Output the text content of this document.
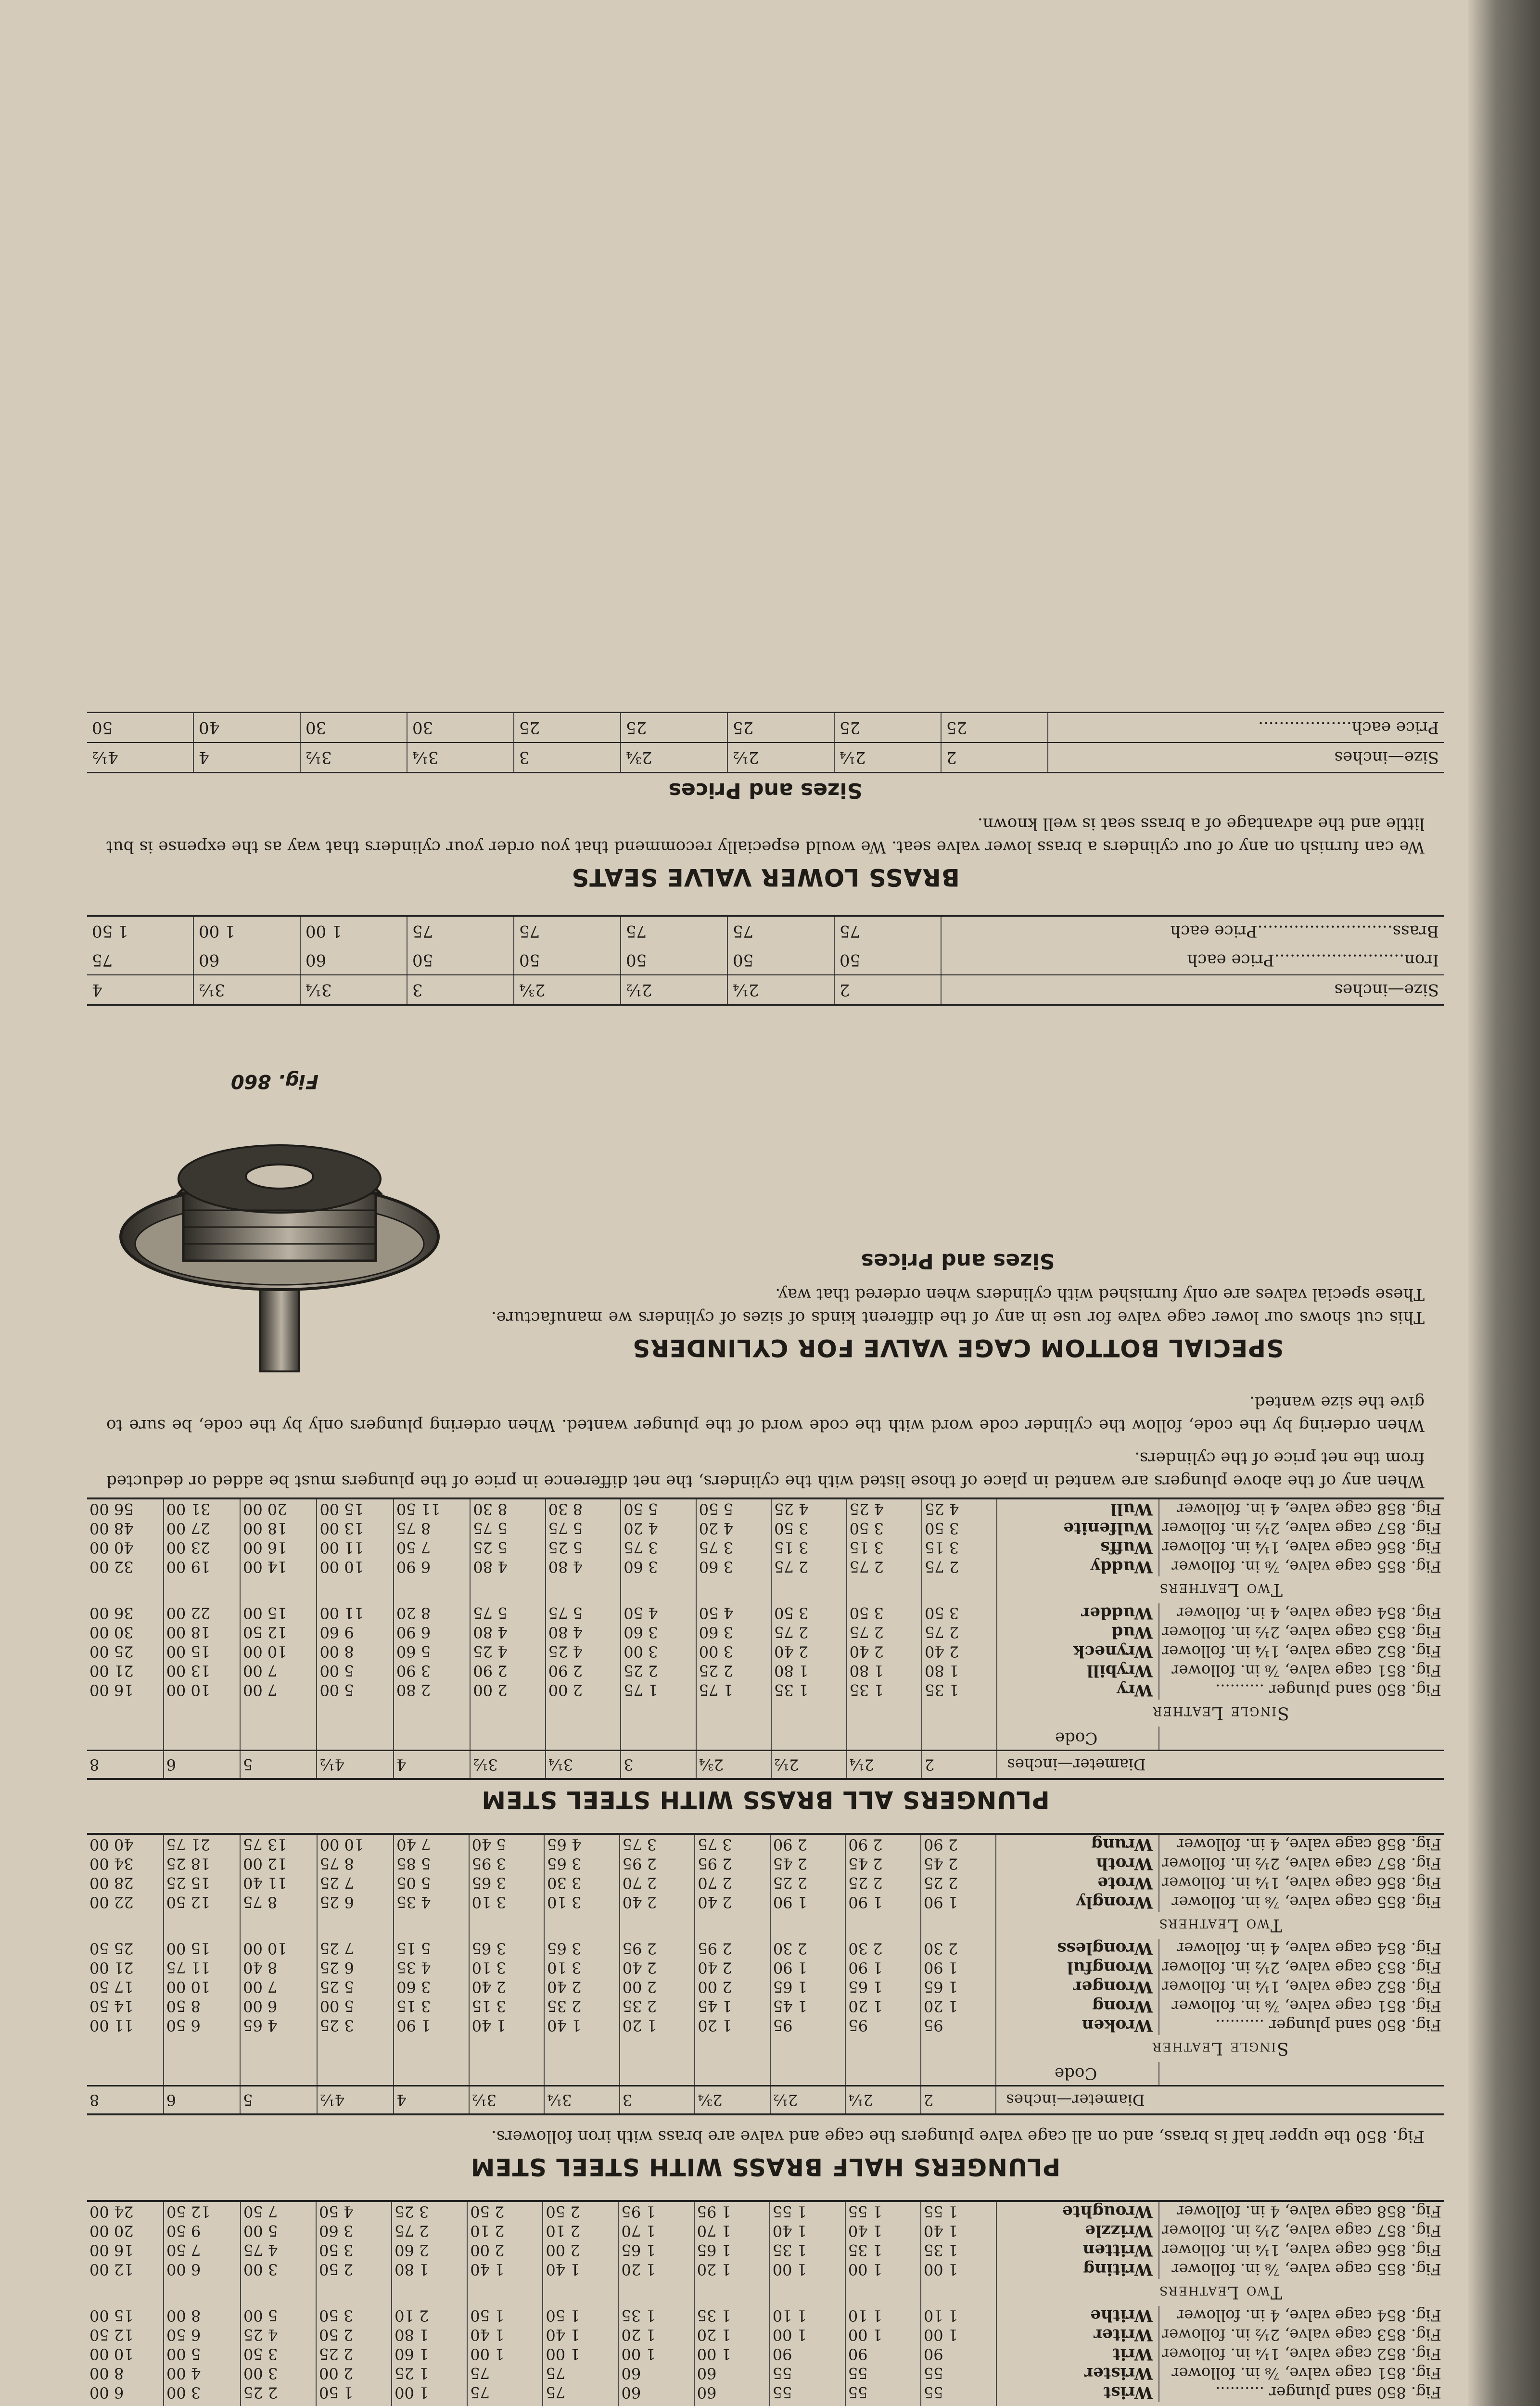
Fig. 850 sand plunger ..........	Wrist	55	55	55	60	60	75	75	1 00	1 50	2 25	3 00	6 00
Fig. 851 cage valve, ⅞ in. follower	Wrister	55	55	55	60	60	75	75	1 25	2 00	3 00	4 00	8 00
Fig. 852 cage valve, 1¼ in. follower	Writ	90	90	90	1 00	1 00	1 00	1 00	1 60	2 25	3 50	5 00	10 00
Fig. 853 cage valve, 2½ in. follower	Writer	1 00	1 00	1 00	1 20	1 20	1 40	1 40	1 80	2 50	4 25	6 50	12 50
Fig. 854 cage valve, 4 in. follower	Writhe	1 10	1 10	1 10	1 35	1 35	1 50	1 50	2 10	3 50	5 00	8 00	15 00
Two Leathers													
Fig. 855 cage valve, ⅞ in. follower	Writing	1 00	1 00	1 00	1 20	1 20	1 40	1 40	1 80	2 50	3 00	6 00	12 00
Fig. 856 cage valve, 1¼ in. follower	Written	1 35	1 35	1 35	1 65	1 65	2 00	2 00	2 60	3 50	4 75	7 50	16 00
Fig. 857 cage valve, 2½ in. follower	Wrizzle	1 40	1 40	1 40	1 70	1 70	2 10	2 10	2 75	3 60	5 00	9 50	20 00
Fig. 858 cage valve, 4 in. follower	Wroughte	1 55	1 55	1 55	1 95	1 95	2 50	2 50	3 25	4 50	7 50	12 50	24 00
PLUNGERS HALF BRASS WITH STEEL STEM

Fig. 850 the upper half is brass, and on all cage valve plungers the cage and valve are brass with iron followers.

Diameter—inches		2	2¼	2½	2¾	3	3¼	3½	4	4½	5	6	8
	Code												
Single Leather													
Fig. 850 sand plunger ..........	Wroken	95	95	95	1 20	1 20	1 40	1 40	1 90	3 25	4 65	6 50	11 00
Fig. 851 cage valve, ⅞ in. follower	Wrong	1 20	1 20	1 45	1 45	2 35	2 35	3 15	3 15	5 00	6 00	8 50	14 50
Fig. 852 cage valve, 1¼ in. follower	Wronger	1 65	1 65	1 65	2 00	2 00	2 40	2 40	3 60	5 25	7 00	10 00	17 50
Fig. 853 cage valve, 2½ in. follower	Wrongful	1 90	1 90	1 90	2 40	2 40	3 10	3 10	4 35	6 25	8 40	11 75	21 00
Fig. 854 cage valve, 4 in. follower	Wrongless	2 30	2 30	2 30	2 95	2 95	3 65	3 65	5 15	7 25	10 00	15 00	25 50
Two Leathers													
Fig. 855 cage valve, ⅞ in. follower	Wrongly	1 90	1 90	1 90	2 40	2 40	3 10	3 10	4 35	6 25	8 75	12 50	22 00
Fig. 856 cage valve, 1¼ in. follower	Wrote	2 25	2 25	2 25	2 70	2 70	3 30	3 65	5 05	7 25	11 40	15 25	28 00
Fig. 857 cage valve, 2½ in. follower	Wroth	2 45	2 45	2 45	2 95	2 95	3 65	3 95	5 85	8 75	12 00	18 25	34 00
Fig. 858 cage valve, 4 in. follower	Wrung	2 90	2 90	2 90	3 75	3 75	4 65	5 40	7 40	10 00	13 75	21 75	40 00
PLUNGERS ALL BRASS WITH STEEL STEM
Diameter—inches		2	2¼	2½	2¾	3	3¼	3½	4	4½	5	6	8
	Code												
Single Leather													
Fig. 850 sand plunger ..........	Wry	1 35	1 35	1 35	1 75	1 75	2 00	2 00	2 80	5 00	7 00	10 00	16 00
Fig. 851 cage valve, ⅞ in. follower	Wrybill	1 80	1 80	1 80	2 25	2 25	2 90	2 90	3 90	5 00	7 00	13 00	21 00
Fig. 852 cage valve, 1¼ in. follower	Wryneck	2 40	2 40	2 40	3 00	3 00	4 25	4 25	5 60	8 00	10 00	15 00	25 00
Fig. 853 cage valve, 2½ in. follower	Wud	2 75	2 75	2 75	3 60	3 60	4 80	4 80	6 90	9 60	12 50	18 00	30 00
Fig. 854 cage valve, 4 in. follower	Wudder	3 50	3 50	3 50	4 50	4 50	5 75	5 75	8 20	11 00	15 00	22 00	36 00
Two Leathers													
Fig. 855 cage valve, ⅞ in. follower	Wuddy	2 75	2 75	2 75	3 60	3 60	4 80	4 80	6 90	10 00	14 00	19 00	32 00
Fig. 856 cage valve, 1¼ in. follower	Wuffs	3 15	3 15	3 15	3 75	3 75	5 25	5 25	7 50	11 00	16 00	23 00	40 00
Fig. 857 cage valve, 2½ in. follower	Wulfenite	3 50	3 50	3 50	4 20	4 20	5 75	5 75	8 75	13 00	18 00	27 00	48 00
Fig. 858 cage valve, 4 in. follower	Wull	4 25	4 25	4 25	5 50	5 50	8 30	8 30	11 50	15 00	20 00	31 00	56 00

When any of the above plungers are wanted in place of those listed with the cylinders, the net difference in price of the plungers must be added or deducted from the net price of the cylinders.

When ordering by the code, follow the cylinder code word with the code word of the plunger wanted. When ordering plungers only by the code, be sure to give the size wanted.

SPECIAL BOTTOM CAGE VALVE FOR CYLINDERS

This cut shows our lower cage valve for use in any of the different kinds of sizes of cylinders we manufacture. These special valves are only furnished with cylinders when ordered that way.

Sizes and Prices
Fig. 860
Size—inches	2	2¼	2½	2¾	3	3¼	3½	4
Iron.........................Price each	50	50	50	50	50	60	60	75
Brass..........................Price each	75	75	75	75	75	1 00	1 00	1 50
BRASS LOWER VALVE SEATS

We can furnish on any of our cylinders a brass lower valve seat. We would especially recommend that you order your cylinders that way as the expense is but little and the advantage of a brass seat is well known.

Sizes and Prices
Size—inches	2	2¼	2½	2¾	3	3¼	3½	4	4½
Price each..................	25	25	25	25	25	30	30	40	50
